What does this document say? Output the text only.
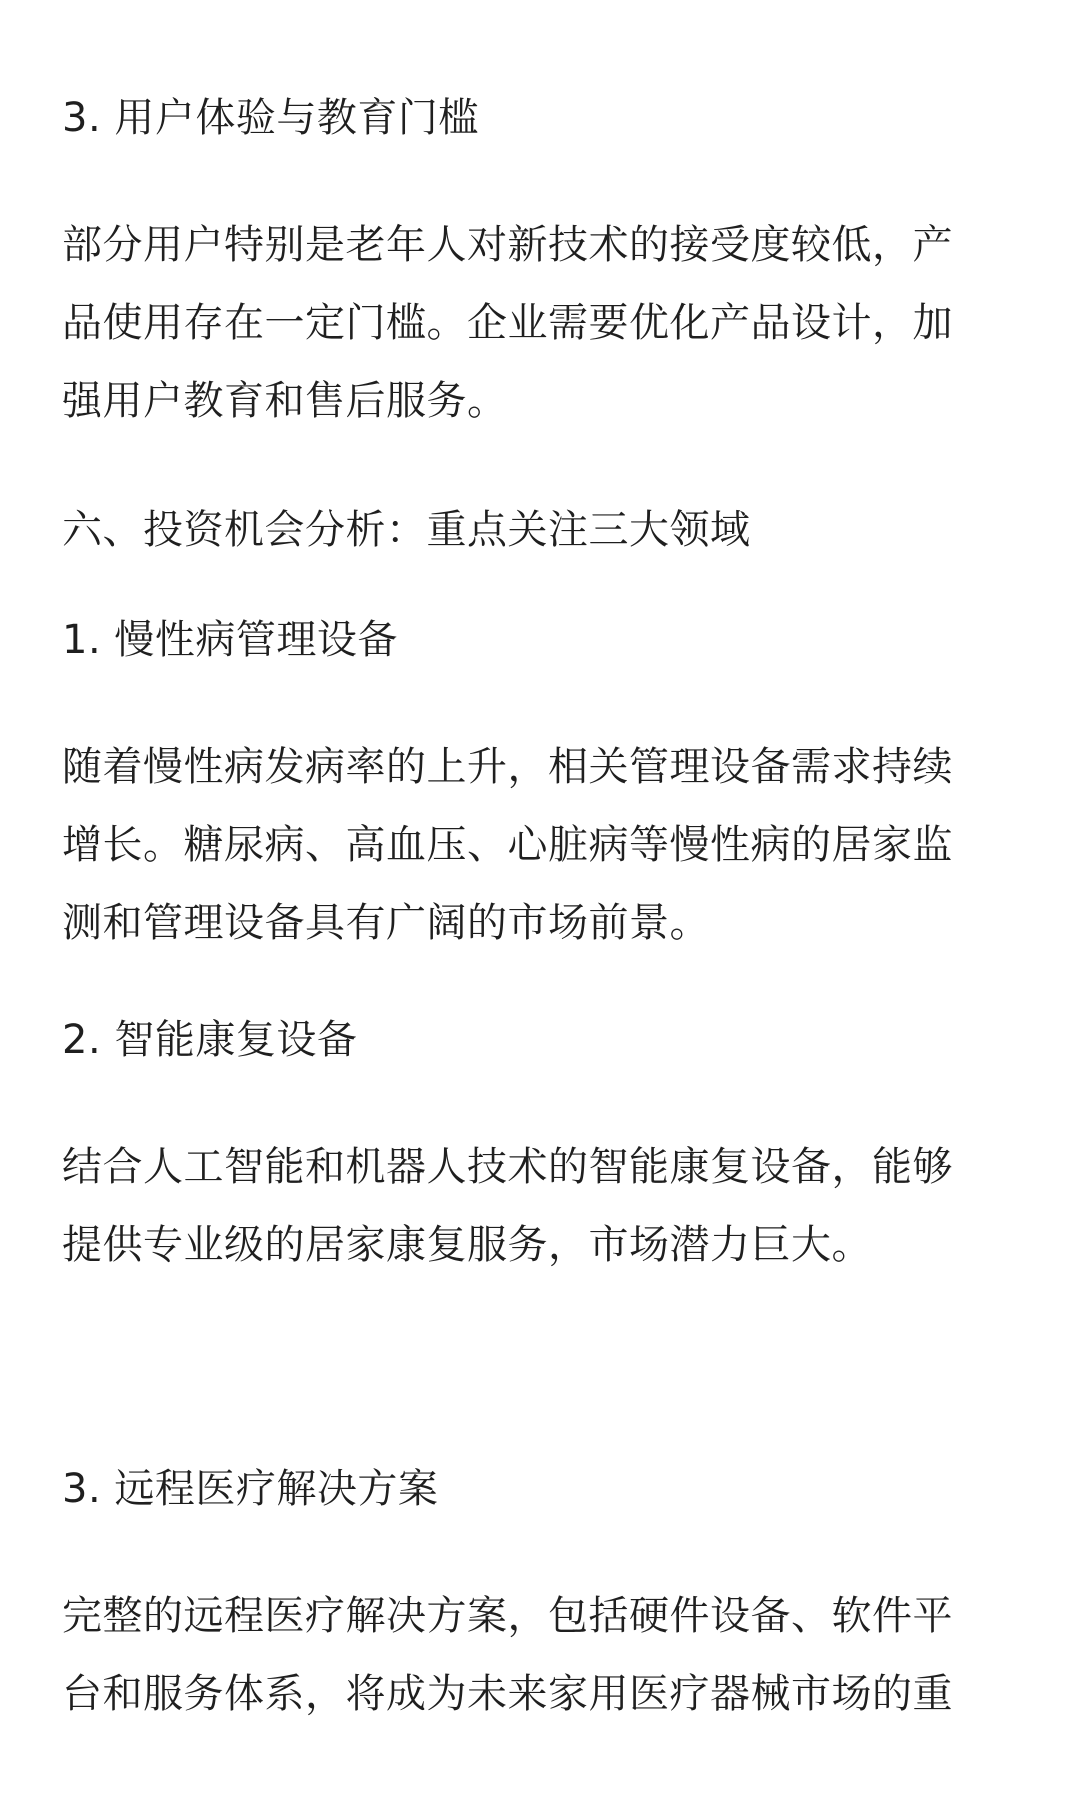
3. 用户体验与教育门槛
部分用户特别是老年人对新技术的接受度较低，产
品使用存在一定门槛。企业需要优化产品设计，加
强用户教育和售后服务。
六、投资机会分析：重点关注三大领域
1. 慢性病管理设备
随着慢性病发病率的上升，相关管理设备需求持续
增长。糖尿病、高血压、心脏病等慢性病的居家监
测和管理设备具有广阔的市场前景。
2. 智能康复设备
结合人工智能和机器人技术的智能康复设备，能够
提供专业级的居家康复服务，市场潜力巨大。
3. 远程医疗解决方案
完整的远程医疗解决方案，包括硬件设备、软件平
台和服务体系，将成为未来家用医疗器械市场的重
